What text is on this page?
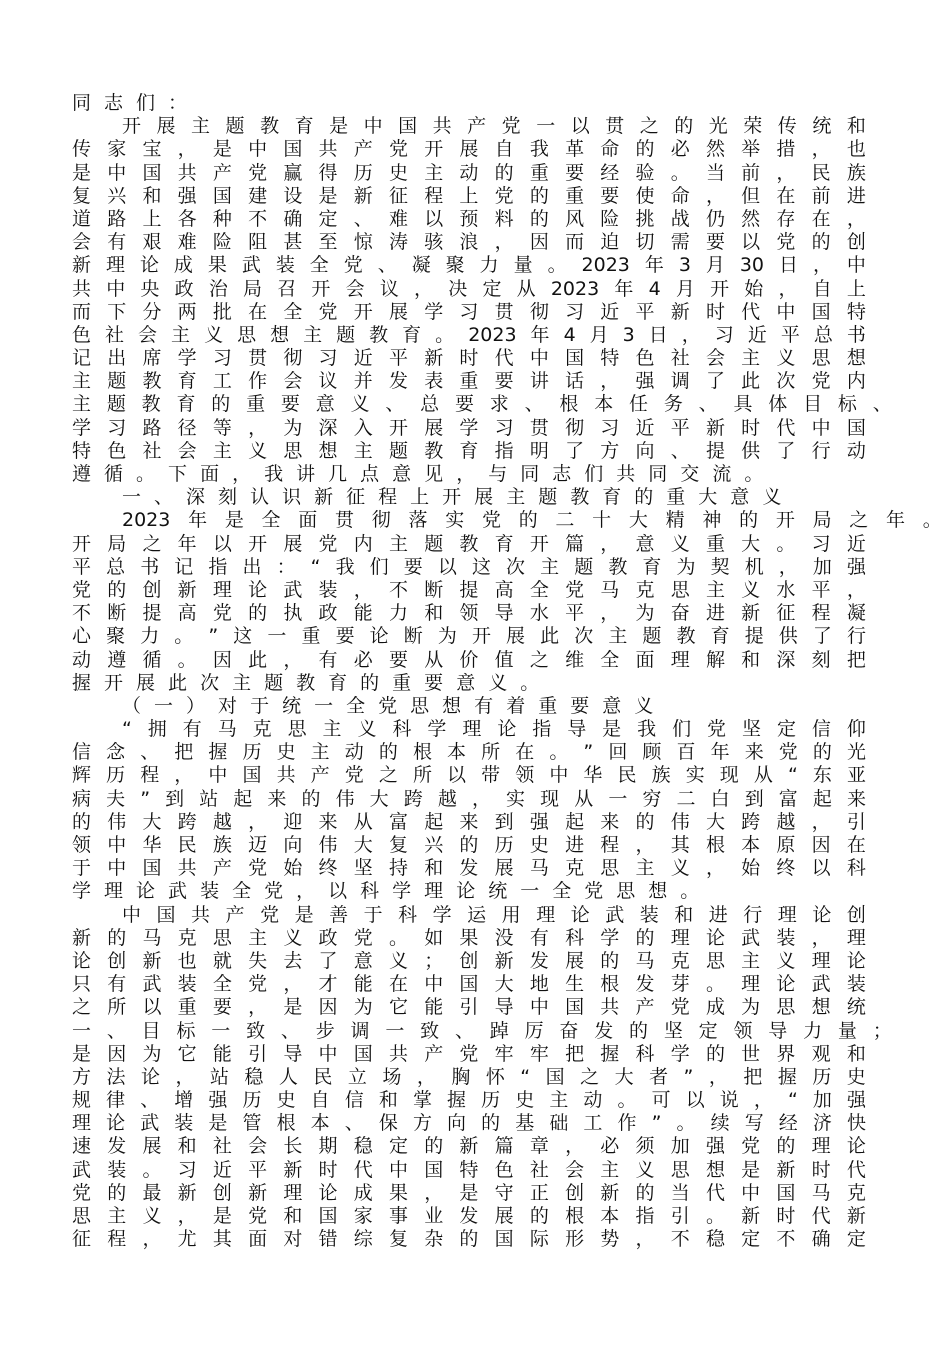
同 志 们 ：
开 展 主 题 教 育 是 中 国 共 产 党 一 以 贯 之 的 光 荣 传 统 和
传 家 宝 ， 是 中 国 共 产 党 开 展 自 我 革 命 的 必 然 举 措 ， 也
是 中 国 共 产 党 赢 得 历 史 主 动 的 重 要 经 验 。 当 前 ， 民 族
复 兴 和 强 国 建 设 是 新 征 程 上 党 的 重 要 使 命 ， 但 在 前 进
道 路 上 各 种 不 确 定 、 难 以 预 料 的 风 险 挑 战 仍 然 存 在 ，
会 有 艰 难 险 阻 甚 至 惊 涛 骇 浪 ， 因 而 迫 切 需 要 以 党 的 创
新 理 论 成 果 武 装 全 党 、 凝 聚 力 量 。 2023 年 3 月 30 日 ， 中
共 中 央 政 治 局 召 开 会 议 ， 决 定 从 2023 年 4 月 开 始 ， 自 上
而 下 分 两 批 在 全 党 开 展 学 习 贯 彻 习 近 平 新 时 代 中 国 特
色 社 会 主 义 思 想 主 题 教 育 。 2023 年 4 月 3 日 ， 习 近 平 总 书
记 出 席 学 习 贯 彻 习 近 平 新 时 代 中 国 特 色 社 会 主 义 思 想
主 题 教 育 工 作 会 议 并 发 表 重 要 讲 话 ， 强 调 了 此 次 党 内
主 题 教 育 的 重 要 意 义 、 总 要 求 、 根 本 任 务 、 具 体 目 标 、
学 习 路 径 等 ， 为 深 入 开 展 学 习 贯 彻 习 近 平 新 时 代 中 国
特 色 社 会 主 义 思 想 主 题 教 育 指 明 了 方 向 、 提 供 了 行 动
遵 循 。 下 面 ， 我 讲 几 点 意 见 ， 与 同 志 们 共 同 交 流 。
一 、 深 刻 认 识 新 征 程 上 开 展 主 题 教 育 的 重 大 意 义
2023 年 是 全 面 贯 彻 落 实 党 的 二 十 大 精 神 的 开 局 之 年 。
开 局 之 年 以 开 展 党 内 主 题 教 育 开 篇 ， 意 义 重 大 。 习 近
平 总 书 记 指 出 ： “ 我 们 要 以 这 次 主 题 教 育 为 契 机 ， 加 强
党 的 创 新 理 论 武 装 ， 不 断 提 高 全 党 马 克 思 主 义 水 平 ，
不 断 提 高 党 的 执 政 能 力 和 领 导 水 平 ， 为 奋 进 新 征 程 凝
心 聚 力 。 ” 这 一 重 要 论 断 为 开 展 此 次 主 题 教 育 提 供 了 行
动 遵 循 。 因 此 ， 有 必 要 从 价 值 之 维 全 面 理 解 和 深 刻 把
握 开 展 此 次 主 题 教 育 的 重 要 意 义 。
（ 一 ） 对 于 统 一 全 党 思 想 有 着 重 要 意 义
“ 拥 有 马 克 思 主 义 科 学 理 论 指 导 是 我 们 党 坚 定 信 仰
信 念 、 把 握 历 史 主 动 的 根 本 所 在 。 ” 回 顾 百 年 来 党 的 光
辉 历 程 ， 中 国 共 产 党 之 所 以 带 领 中 华 民 族 实 现 从 “ 东 亚
病 夫 ” 到 站 起 来 的 伟 大 跨 越 ， 实 现 从 一 穷 二 白 到 富 起 来
的 伟 大 跨 越 ， 迎 来 从 富 起 来 到 强 起 来 的 伟 大 跨 越 ， 引
领 中 华 民 族 迈 向 伟 大 复 兴 的 历 史 进 程 ， 其 根 本 原 因 在
于 中 国 共 产 党 始 终 坚 持 和 发 展 马 克 思 主 义 ， 始 终 以 科
学 理 论 武 装 全 党 ， 以 科 学 理 论 统 一 全 党 思 想 。
中 国 共 产 党 是 善 于 科 学 运 用 理 论 武 装 和 进 行 理 论 创
新 的 马 克 思 主 义 政 党 。 如 果 没 有 科 学 的 理 论 武 装 ， 理
论 创 新 也 就 失 去 了 意 义 ； 创 新 发 展 的 马 克 思 主 义 理 论
只 有 武 装 全 党 ， 才 能 在 中 国 大 地 生 根 发 芽 。 理 论 武 装
之 所 以 重 要 ， 是 因 为 它 能 引 导 中 国 共 产 党 成 为 思 想 统
一 、 目 标 一 致 、 步 调 一 致 、 踔 厉 奋 发 的 坚 定 领 导 力 量 ；
是 因 为 它 能 引 导 中 国 共 产 党 牢 牢 把 握 科 学 的 世 界 观 和
方 法 论 ， 站 稳 人 民 立 场 ， 胸 怀 “ 国 之 大 者 ” ， 把 握 历 史
规 律 、 增 强 历 史 自 信 和 掌 握 历 史 主 动 。 可 以 说 ， “ 加 强
理 论 武 装 是 管 根 本 、 保 方 向 的 基 础 工 作 ” 。 续 写 经 济 快
速 发 展 和 社 会 长 期 稳 定 的 新 篇 章 ， 必 须 加 强 党 的 理 论
武 装 。 习 近 平 新 时 代 中 国 特 色 社 会 主 义 思 想 是 新 时 代
党 的 最 新 创 新 理 论 成 果 ， 是 守 正 创 新 的 当 代 中 国 马 克
思 主 义 ， 是 党 和 国 家 事 业 发 展 的 根 本 指 引 。 新 时 代 新
征 程 ， 尤 其 面 对 错 综 复 杂 的 国 际 形 势 ， 不 稳 定 不 确 定
